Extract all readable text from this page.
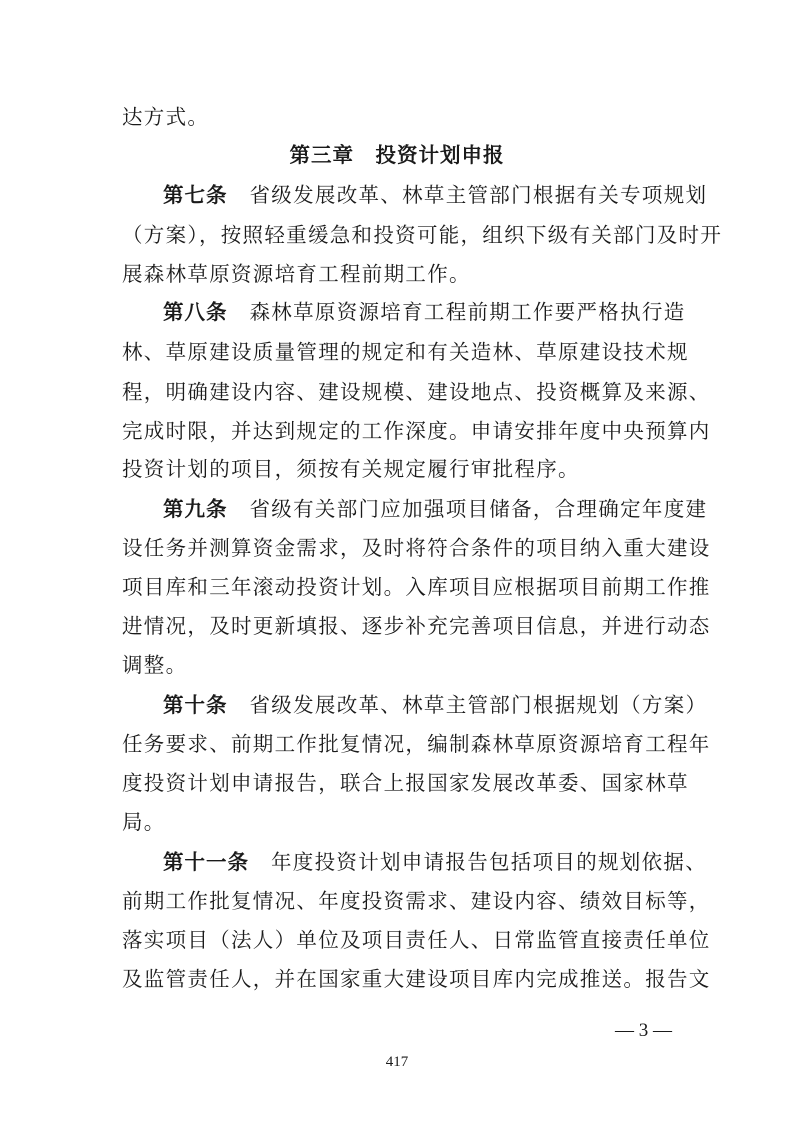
达方式。
第三章　投资计划申报
第七条 省级发展改革、林草主管部门根据有关专项规划
（方案），按照轻重缓急和投资可能，组织下级有关部门及时开
展森林草原资源培育工程前期工作。
第八条 森林草原资源培育工程前期工作要严格执行造
林、草原建设质量管理的规定和有关造林、草原建设技术规
程，明确建设内容、建设规模、建设地点、投资概算及来源、
完成时限，并达到规定的工作深度。申请安排年度中央预算内
投资计划的项目，须按有关规定履行审批程序。
第九条 省级有关部门应加强项目储备，合理确定年度建
设任务并测算资金需求，及时将符合条件的项目纳入重大建设
项目库和三年滚动投资计划。入库项目应根据项目前期工作推
进情况，及时更新填报、逐步补充完善项目信息，并进行动态
调整。
第十条 省级发展改革、林草主管部门根据规划（方案）
任务要求、前期工作批复情况，编制森林草原资源培育工程年
度投资计划申请报告，联合上报国家发展改革委、国家林草
局。
第十一条 年度投资计划申请报告包括项目的规划依据、
前期工作批复情况、年度投资需求、建设内容、绩效目标等，
落实项目（法人）单位及项目责任人、日常监管直接责任单位
及监管责任人，并在国家重大建设项目库内完成推送。报告文
— 3 —
417
